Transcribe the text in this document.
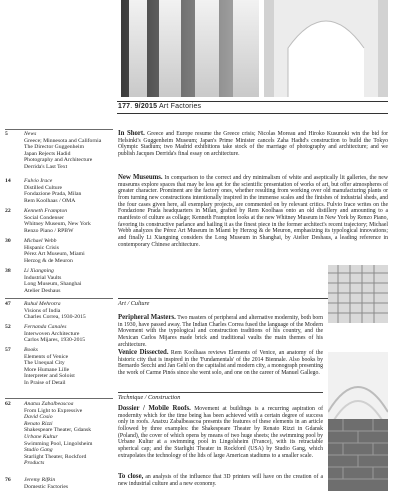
177. 9/2015 Art Factories
5	News
Greece; Minnesota and California
The Director Guggenheim
Japan Rejects Hadid
Photography and Architecture
Derrida's Last Text
14	Fulvio Irace
Distilled Culture
Fondazione Prada, Milan
Rem Koolhaas / OMA
22	Kenneth Frampton
Social Condenser
Whitney Museum, New York
Renzo Piano / RPBW
30	Michael Webb
Hispanic Crisis
Pérez Art Museum, Miami
Herzog & de Meuron
38	Li Xiangning
Industrial Vaults
Long Museum, Shanghai
Atelier Deshaus
47	Rahul Mehrotra
Visions of India
Charles Correa, 1930-2015
52	Fernanda Canales
Interwoven Architecture
Carlos Mijares, 1930-2015
57	Books
Elements of Venice
The Unequal City
More Humane Lille
Interpreter and Soloist
In Praise of Detail
62	Anatxu Zabalbeascoa
From Light to Expressive
David Cosio
Renato Rizzi
Shakespeare Theater, Gdansk
Urbane Kultur
Swimming Pool, Lingolsheim
Studio Gang
Starlight Theater, Rockford
Products
76	Jeremy Rifkin
Domestic Factories
In Short. Greece and Europe resume the Greece crisis; Nicolas Moreau and Hiroko Kusunoki win the bid for Helsinki's Guggenheim Museum; Japan's Prime Minister cancels Zaha Hadid's construction to build the Tokyo Olympic Stadium; two Madrid exhibitions take stock of the marriage of photography and architecture; and we publish Jacques Derrida's final essay on architecture.
New Museums. In comparison to the correct and dry minimalism of white and aseptically lit galleries, the new museums explore spaces that may be less apt for the scientific presentation of works of art, but offer atmospheres of greater character. Prominent are the factory ones, whether resulting from working over old manufacturing plants or from turning new constructions intentionally inspired in the immense scales and the finishes of industrial sheds, and the four cases given here, all exemplary projects, are commented on by relevant critics. Fulvio Irace writes on the Fondazione Prada headquarters in Milan, grafted by Rem Koolhaas onto an old distillery and amounting to a manifesto of culture as collage; Kenneth Frampton looks at the new Whitney Museum in New York by Renzo Piano, favoring its constructive parlance and hailing it as the finest piece in the former architect's recent trajectory; Michael Webb analyzes the Pérez Art Museum in Miami by Herzog & de Meuron, emphasizing its typological innovations; and finally Li Xiangning considers the Long Museum in Shanghai, by Atelier Deshaus, a leading reference in contemporary Chinese architecture.
Art / Culture
Peripheral Masters. Two masters of peripheral and alternative modernity, both born in 1930, have passed away. The Indian Charles Correa fused the language of the Modern Movement with the typological and construction traditions of his country, and the Mexican Carlos Mijares made brick and traditional vaults the main themes of his architecture.
Venice Dissected. Rem Koolhaas reviews Elements of Venice, an anatomy of the historic city that is inspired in the 'Fundamentals' of the 2014 Biennale. Also books by Bernardo Secchi and Jan Gehl on the capitalist and modern city, a monograph presenting the work of Carme Pinós since she went solo, and one on the career of Manuel Gallego.
Technique / Construction
Dossier / Mobile Roofs. Movement at buildings is a recurring aspiration of modernity which for the time being has been achieved with a certain degree of success only in roofs. Anatxu Zabalbeascoa presents the features of these elements in an article followed by three examples: the Shakespeare Theater by Renato Rizzi in Gdansk (Poland), the cover of which opens by means of two huge sheets; the swimming pool by Urbane Kultur at a swimming pool in Lingolsheim (France), with its retractable spherical cap; and the Starlight Theater in Rockford (USA) by Studio Gang, which extrapolates the technology of the lids of large American stadiums to a smaller scale.
To close, an analysis of the influence that 3D printers will have on the creation of a new industrial culture and a new economy.
